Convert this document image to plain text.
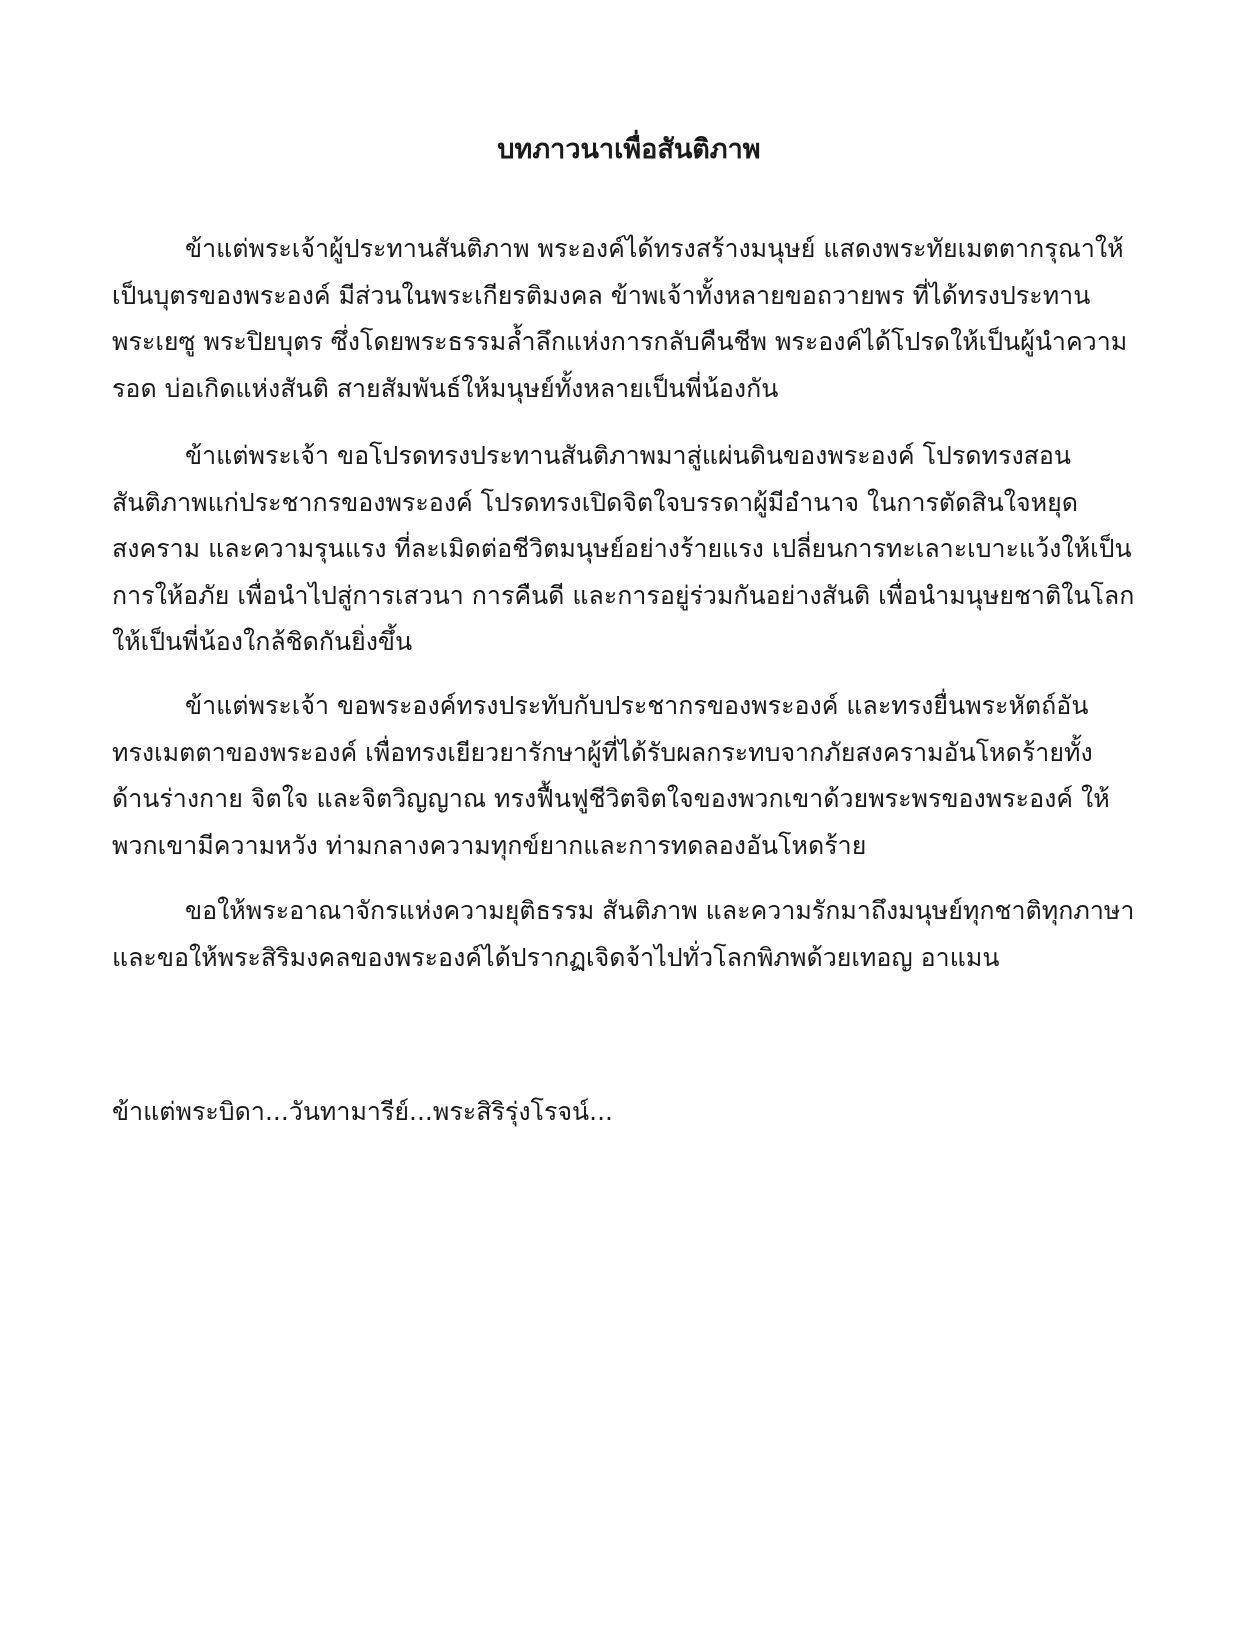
บทภาวนาเพื่อสันติภาพ

ข้าแต่พระเจ้าผู้ประทานสันติภาพ พระองค์ได้ทรงสร้างมนุษย์ แสดงพระทัยเมตตากรุณาให้
เป็นบุตรของพระองค์ มีส่วนในพระเกียรติมงคล ข้าพเจ้าทั้งหลายขอถวายพร ที่ได้ทรงประทาน
พระเยซู พระปิยบุตร ซึ่งโดยพระธรรมล้ำลึกแห่งการกลับคืนชีพ พระองค์ได้โปรดให้เป็นผู้นำความ
รอด บ่อเกิดแห่งสันติ สายสัมพันธ์ให้มนุษย์ทั้งหลายเป็นพี่น้องกัน

ข้าแต่พระเจ้า ขอโปรดทรงประทานสันติภาพมาสู่แผ่นดินของพระองค์ โปรดทรงสอน
สันติภาพแก่ประชากรของพระองค์ โปรดทรงเปิดจิตใจบรรดาผู้มีอำนาจ ในการตัดสินใจหยุด
สงคราม และความรุนแรง ที่ละเมิดต่อชีวิตมนุษย์อย่างร้ายแรง เปลี่ยนการทะเลาะเบาะแว้งให้เป็น
การให้อภัย เพื่อนำไปสู่การเสวนา การคืนดี และการอยู่ร่วมกันอย่างสันติ เพื่อนำมนุษยชาติในโลก
ให้เป็นพี่น้องใกล้ชิดกันยิ่งขึ้น

ข้าแต่พระเจ้า ขอพระองค์ทรงประทับกับประชากรของพระองค์ และทรงยื่นพระหัตถ์อัน
ทรงเมตตาของพระองค์ เพื่อทรงเยียวยารักษาผู้ที่ได้รับผลกระทบจากภัยสงครามอันโหดร้ายทั้ง
ด้านร่างกาย จิตใจ และจิตวิญญาณ ทรงฟื้นฟูชีวิตจิตใจของพวกเขาด้วยพระพรของพระองค์ ให้
พวกเขามีความหวัง ท่ามกลางความทุกข์ยากและการทดลองอันโหดร้าย

ขอให้พระอาณาจักรแห่งความยุติธรรม สันติภาพ และความรักมาถึงมนุษย์ทุกชาติทุกภาษา
และขอให้พระสิริมงคลของพระองค์ได้ปรากฏเจิดจ้าไปทั่วโลกพิภพด้วยเทอญ อาแมน

ข้าแต่พระบิดา...วันทามารีย์...พระสิริรุ่งโรจน์...
